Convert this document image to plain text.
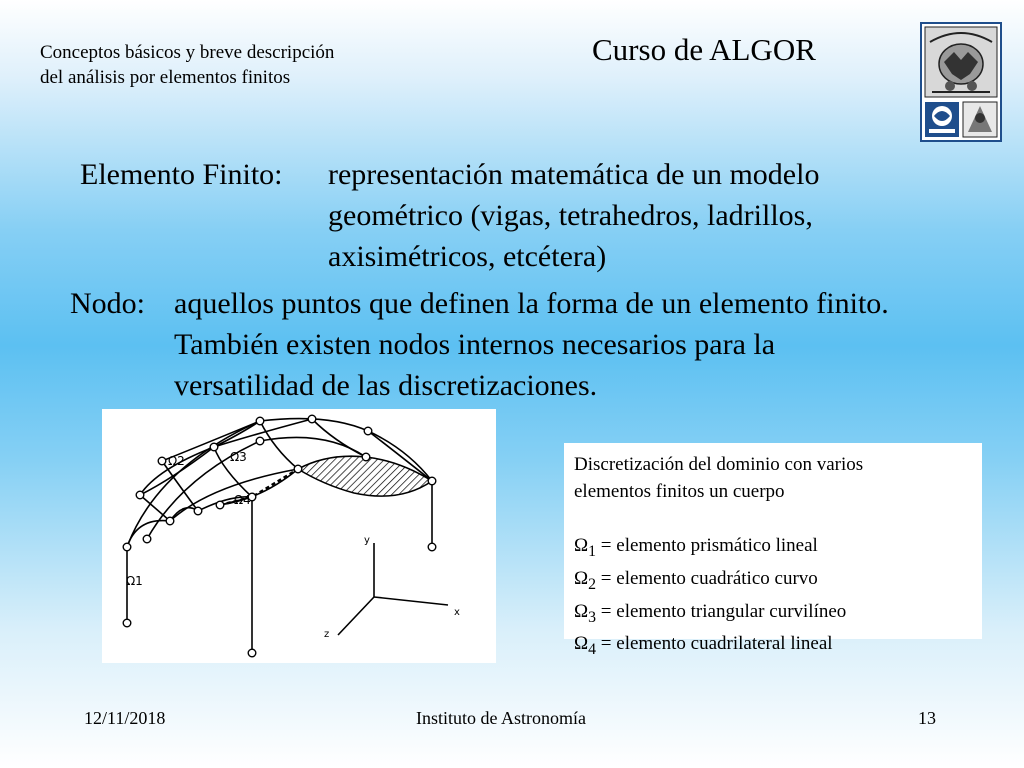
Conceptos básicos y breve descripción
del análisis por elementos finitos
Curso de ALGOR
Elemento Finito: representación matemática de un modelo
geométrico (vigas, tetrahedros, ladrillos,
axisimétricos, etcétera)
Nodo: aquellos puntos que definen la forma de un elemento finito.
También existen nodos internos necesarios para la
versatilidad de las discretizaciones.
Ω1
Ω2	Ω3
Ω4
y
x
z
Discretización del dominio con varios
elementos finitos un cuerpo
$\Omega_1$ = elemento prismático lineal
$\Omega_2$ = elemento cuadrático curvo
$\Omega_3$ = elemento triangular curvilíneo
$\Omega_4$ = elemento cuadrilateral lineal
12/11/2018	Instituto de Astronomía	13
